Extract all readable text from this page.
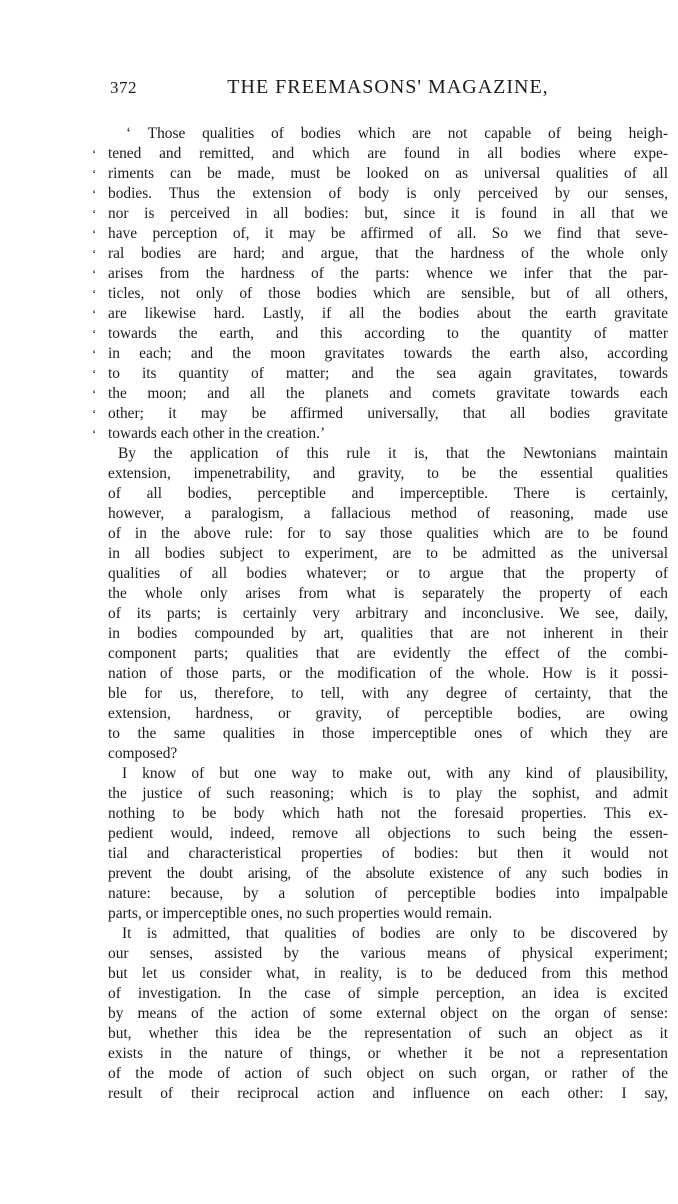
372	THE FREEMASONS' MAGAZINE,
‘ Those qualities of bodies which are not capable of being heigh-
‘ tened and remitted, and which are found in all bodies where expe-
‘ riments can be made, must be looked on as universal qualities of all
‘ bodies. Thus the extension of body is only perceived by our senses,
‘ nor is perceived in all bodies: but, since it is found in all that we
‘ have perception of, it may be affirmed of all. So we find that seve-
‘ ral bodies are hard; and argue, that the hardness of the whole only
‘ arises from the hardness of the parts: whence we infer that the par-
‘ ticles, not only of those bodies which are sensible, but of all others,
‘ are likewise hard. Lastly, if all the bodies about the earth gravitate
‘ towards the earth, and this according to the quantity of matter
‘ in each; and the moon gravitates towards the earth also, according
‘ to its quantity of matter; and the sea again gravitates, towards
‘ the moon; and all the planets and comets gravitate towards each
‘ other; it may be affirmed universally, that all bodies gravitate
‘ towards each other in the creation.’
By the application of this rule it is, that the Newtonians maintain
extension, impenetrability, and gravity, to be the essential qualities
of all bodies, perceptible and imperceptible. There is certainly,
however, a paralogism, a fallacious method of reasoning, made use
of in the above rule: for to say those qualities which are to be found
in all bodies subject to experiment, are to be admitted as the universal
qualities of all bodies whatever; or to argue that the property of
the whole only arises from what is separately the property of each
of its parts; is certainly very arbitrary and inconclusive. We see, daily,
in bodies compounded by art, qualities that are not inherent in their
component parts; qualities that are evidently the effect of the combi-
nation of those parts, or the modification of the whole. How is it possi-
ble for us, therefore, to tell, with any degree of certainty, that the
extension, hardness, or gravity, of perceptible bodies, are owing
to the same qualities in those imperceptible ones of which they are
composed?
I know of but one way to make out, with any kind of plausibility,
the justice of such reasoning; which is to play the sophist, and admit
nothing to be body which hath not the foresaid properties. This ex-
pedient would, indeed, remove all objections to such being the essen-
tial and characteristical properties of bodies: but then it would not
prevent the doubt arising, of the absolute existence of any such bodies in
nature: because, by a solution of perceptible bodies into impalpable
parts, or imperceptible ones, no such properties would remain.
It is admitted, that qualities of bodies are only to be discovered by
our senses, assisted by the various means of physical experiment;
but let us consider what, in reality, is to be deduced from this method
of investigation. In the case of simple perception, an idea is excited
by means of the action of some external object on the organ of sense:
but, whether this idea be the representation of such an object as it
exists in the nature of things, or whether it be not a representation
of the mode of action of such object on such organ, or rather of the
result of their reciprocal action and influence on each other: I say,
